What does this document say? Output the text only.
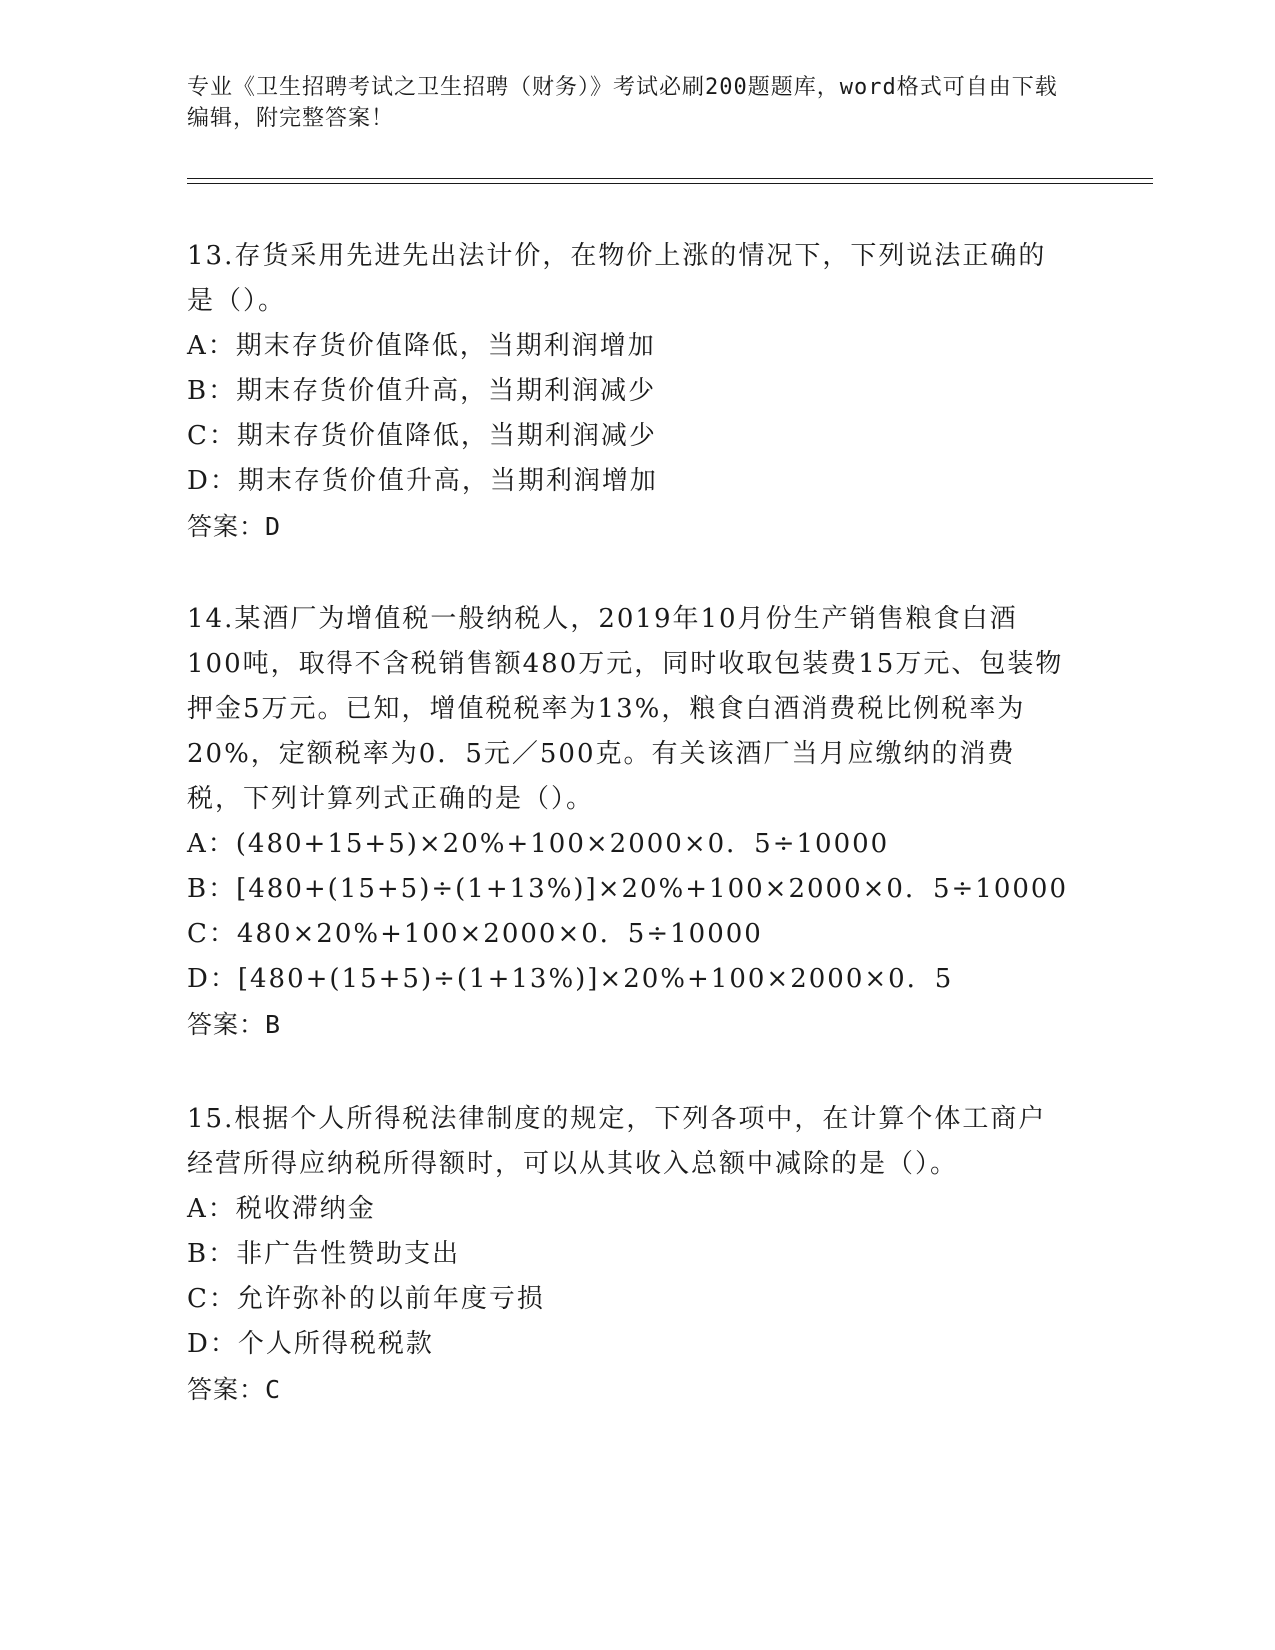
专业《卫生招聘考试之卫生招聘（财务）》考试必刷200题题库，word格式可自由下载编辑，附完整答案！

13.存货采用先进先出法计价，在物价上涨的情况下，下列说法正确的是（）。

A：期末存货价值降低，当期利润增加

B：期末存货价值升高，当期利润减少

C：期末存货价值降低，当期利润减少

D：期末存货价值升高，当期利润增加

答案：D

14.某酒厂为增值税一般纳税人，2019年10月份生产销售粮食白酒100吨，取得不含税销售额480万元，同时收取包装费15万元、包装物押金5万元。已知，增值税税率为13%，粮食白酒消费税比例税率为20%，定额税率为0．5元／500克。有关该酒厂当月应缴纳的消费税，下列计算列式正确的是（）。

A：(480+15+5)×20%+100×2000×0．5÷10000

B：[480+(15+5)÷(1+13%)]×20%+100×2000×0．5÷10000

C：480×20%+100×2000×0．5÷10000

D：[480+(15+5)÷(1+13%)]×20%+100×2000×0．5

答案：B

15.根据个人所得税法律制度的规定，下列各项中，在计算个体工商户经营所得应纳税所得额时，可以从其收入总额中减除的是（）。

A：税收滞纳金

B：非广告性赞助支出

C：允许弥补的以前年度亏损

D：个人所得税税款

答案：C
